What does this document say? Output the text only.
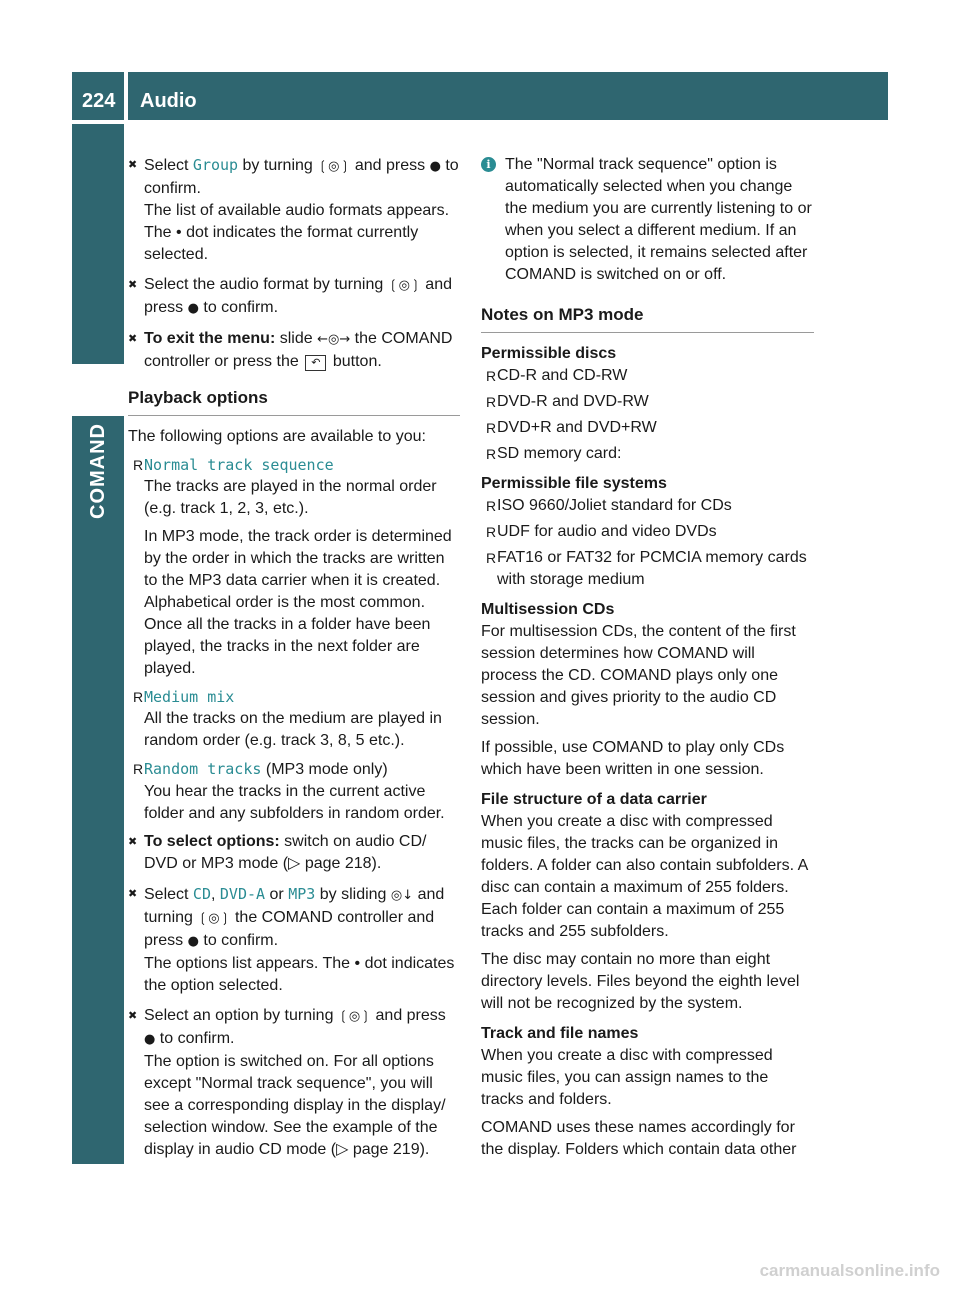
224	Audio
COMAND

✖ Select Group by turning ❲◎❳ and press ● to confirm.

The list of available audio formats appears. The • dot indicates the format currently selected.

✖ Select the audio format by turning ❲◎❳ and press ● to confirm.

✖ To exit the menu: slide ←◎→ the COMAND controller or press the ↶ button.

Playback options
The following options are available to you:
R Normal track sequence
The tracks are played in the normal order (e.g. track 1, 2, 3, etc.).
In MP3 mode, the track order is determined by the order in which the tracks are written to the MP3 data carrier when it is created. Alphabetical order is the most common. Once all the tracks in a folder have been played, the tracks in the next folder are played.
R Medium mix
All the tracks on the medium are played in random order (e.g. track 3, 8, 5 etc.).
R Random tracks (MP3 mode only)
You hear the tracks in the current active folder and any subfolders in random order.

✖ To select options: switch on audio CD/ DVD or MP3 mode (▷ page 218).

✖ Select CD, DVD-A or MP3 by sliding ◎↓ and turning ❲◎❳ the COMAND controller and press ● to confirm.

The options list appears. The • dot indicates the option selected.

✖ Select an option by turning ❲◎❳ and press ● to confirm.

The option is switched on. For all options except "Normal track sequence", you will see a corresponding display in the display/ selection window. See the example of the display in audio CD mode (▷ page 219).

i The "Normal track sequence" option is automatically selected when you change the medium you are currently listening to or when you select a different medium. If an option is selected, it remains selected after COMAND is switched on or off.
Notes on MP3 mode
Permissible discs
R CD-R and CD-RW
R DVD-R and DVD-RW
R DVD+R and DVD+RW
R SD memory card:
Permissible file systems
R ISO 9660/Joliet standard for CDs
R UDF for audio and video DVDs
R FAT16 or FAT32 for PCMCIA memory cards with storage medium
Multisession CDs
For multisession CDs, the content of the first session determines how COMAND will process the CD. COMAND plays only one session and gives priority to the audio CD session.
If possible, use COMAND to play only CDs which have been written in one session.
File structure of a data carrier
When you create a disc with compressed music files, the tracks can be organized in folders. A folder can also contain subfolders. A disc can contain a maximum of 255 folders. Each folder can contain a maximum of 255 tracks and 255 subfolders.
The disc may contain no more than eight directory levels. Files beyond the eighth level will not be recognized by the system.
Track and file names
When you create a disc with compressed music files, you can assign names to the tracks and folders.
COMAND uses these names accordingly for the display. Folders which contain data other
carmanualsonline.info
